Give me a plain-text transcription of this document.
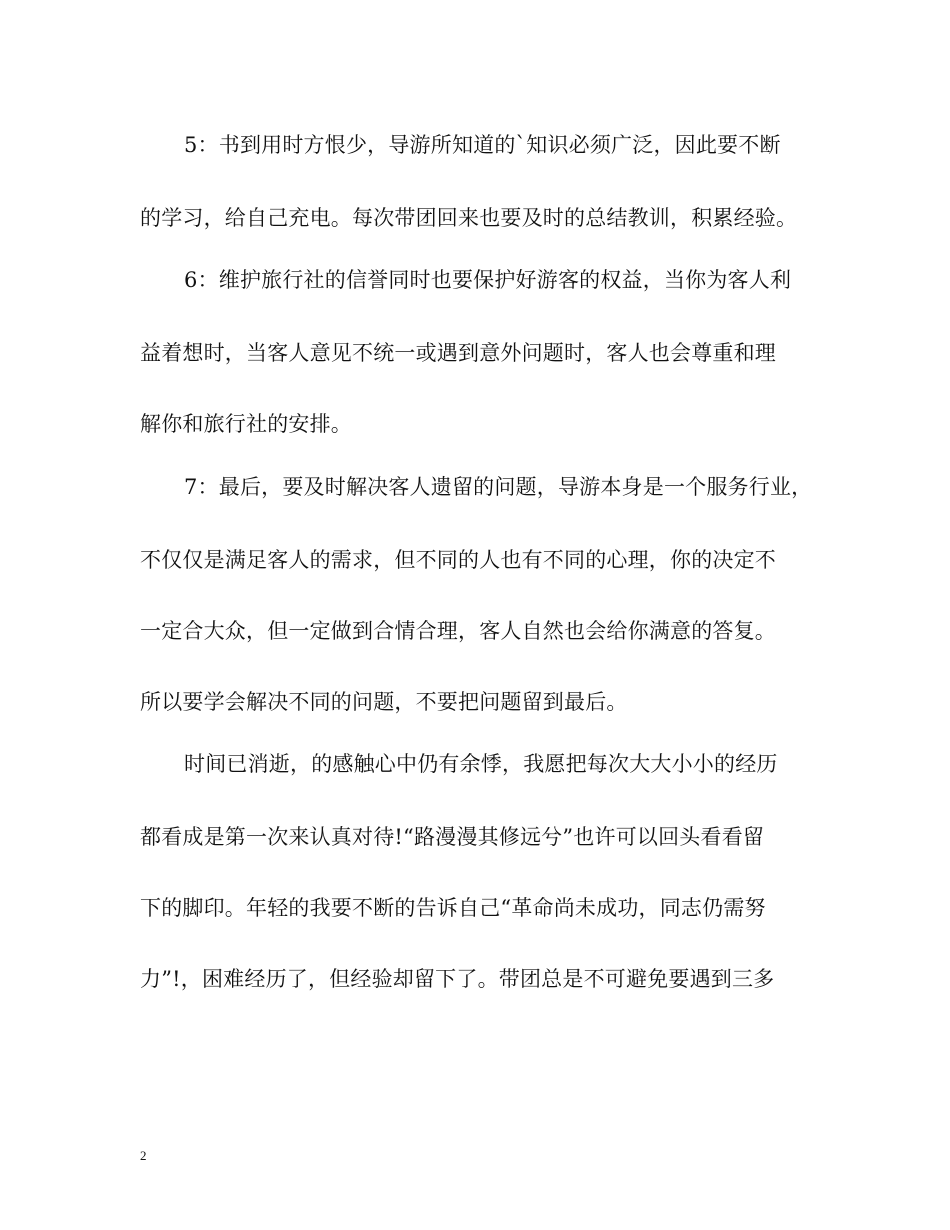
5：书到用时方恨少，导游所知道的`知识必须广泛，因此要不断
的学习，给自己充电。每次带团回来也要及时的总结教训，积累经验。
6：维护旅行社的信誉同时也要保护好游客的权益，当你为客人利
益着想时，当客人意见不统一或遇到意外问题时，客人也会尊重和理
解你和旅行社的安排。
7：最后，要及时解决客人遗留的问题，导游本身是一个服务行业，
不仅仅是满足客人的需求，但不同的人也有不同的心理，你的决定不
一定合大众，但一定做到合情合理，客人自然也会给你满意的答复。
所以要学会解决不同的问题，不要把问题留到最后。
时间已消逝，的感触心中仍有余悸，我愿把每次大大小小的经历
都看成是第一次来认真对待!“路漫漫其修远兮”也许可以回头看看留
下的脚印。年轻的我要不断的告诉自己“革命尚未成功，同志仍需努
力”!，困难经历了，但经验却留下了。带团总是不可避免要遇到三多
2
